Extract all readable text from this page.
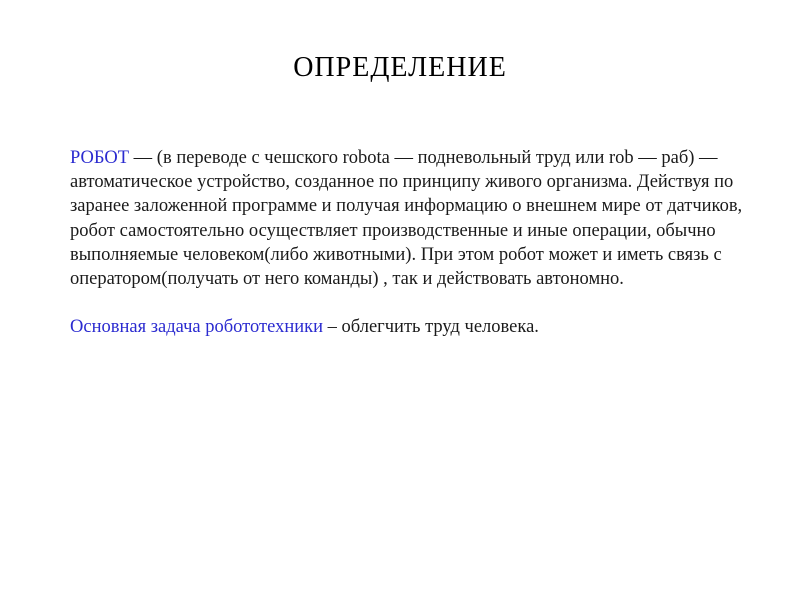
ОПРЕДЕЛЕНИЕ

РОБОТ — (в переводе с чешского robota — подневольный труд или rob — раб) — автоматическое устройство, созданное по принципу живого организма. Действуя по заранее заложенной программе и получая информацию о внешнем мире от датчиков, робот самостоятельно осуществляет производственные и иные операции, обычно выполняемые человеком(либо животными). При этом робот может и иметь связь с оператором(получать от него команды) , так и действовать автономно.

Основная задача робототехники – облегчить труд человека.
